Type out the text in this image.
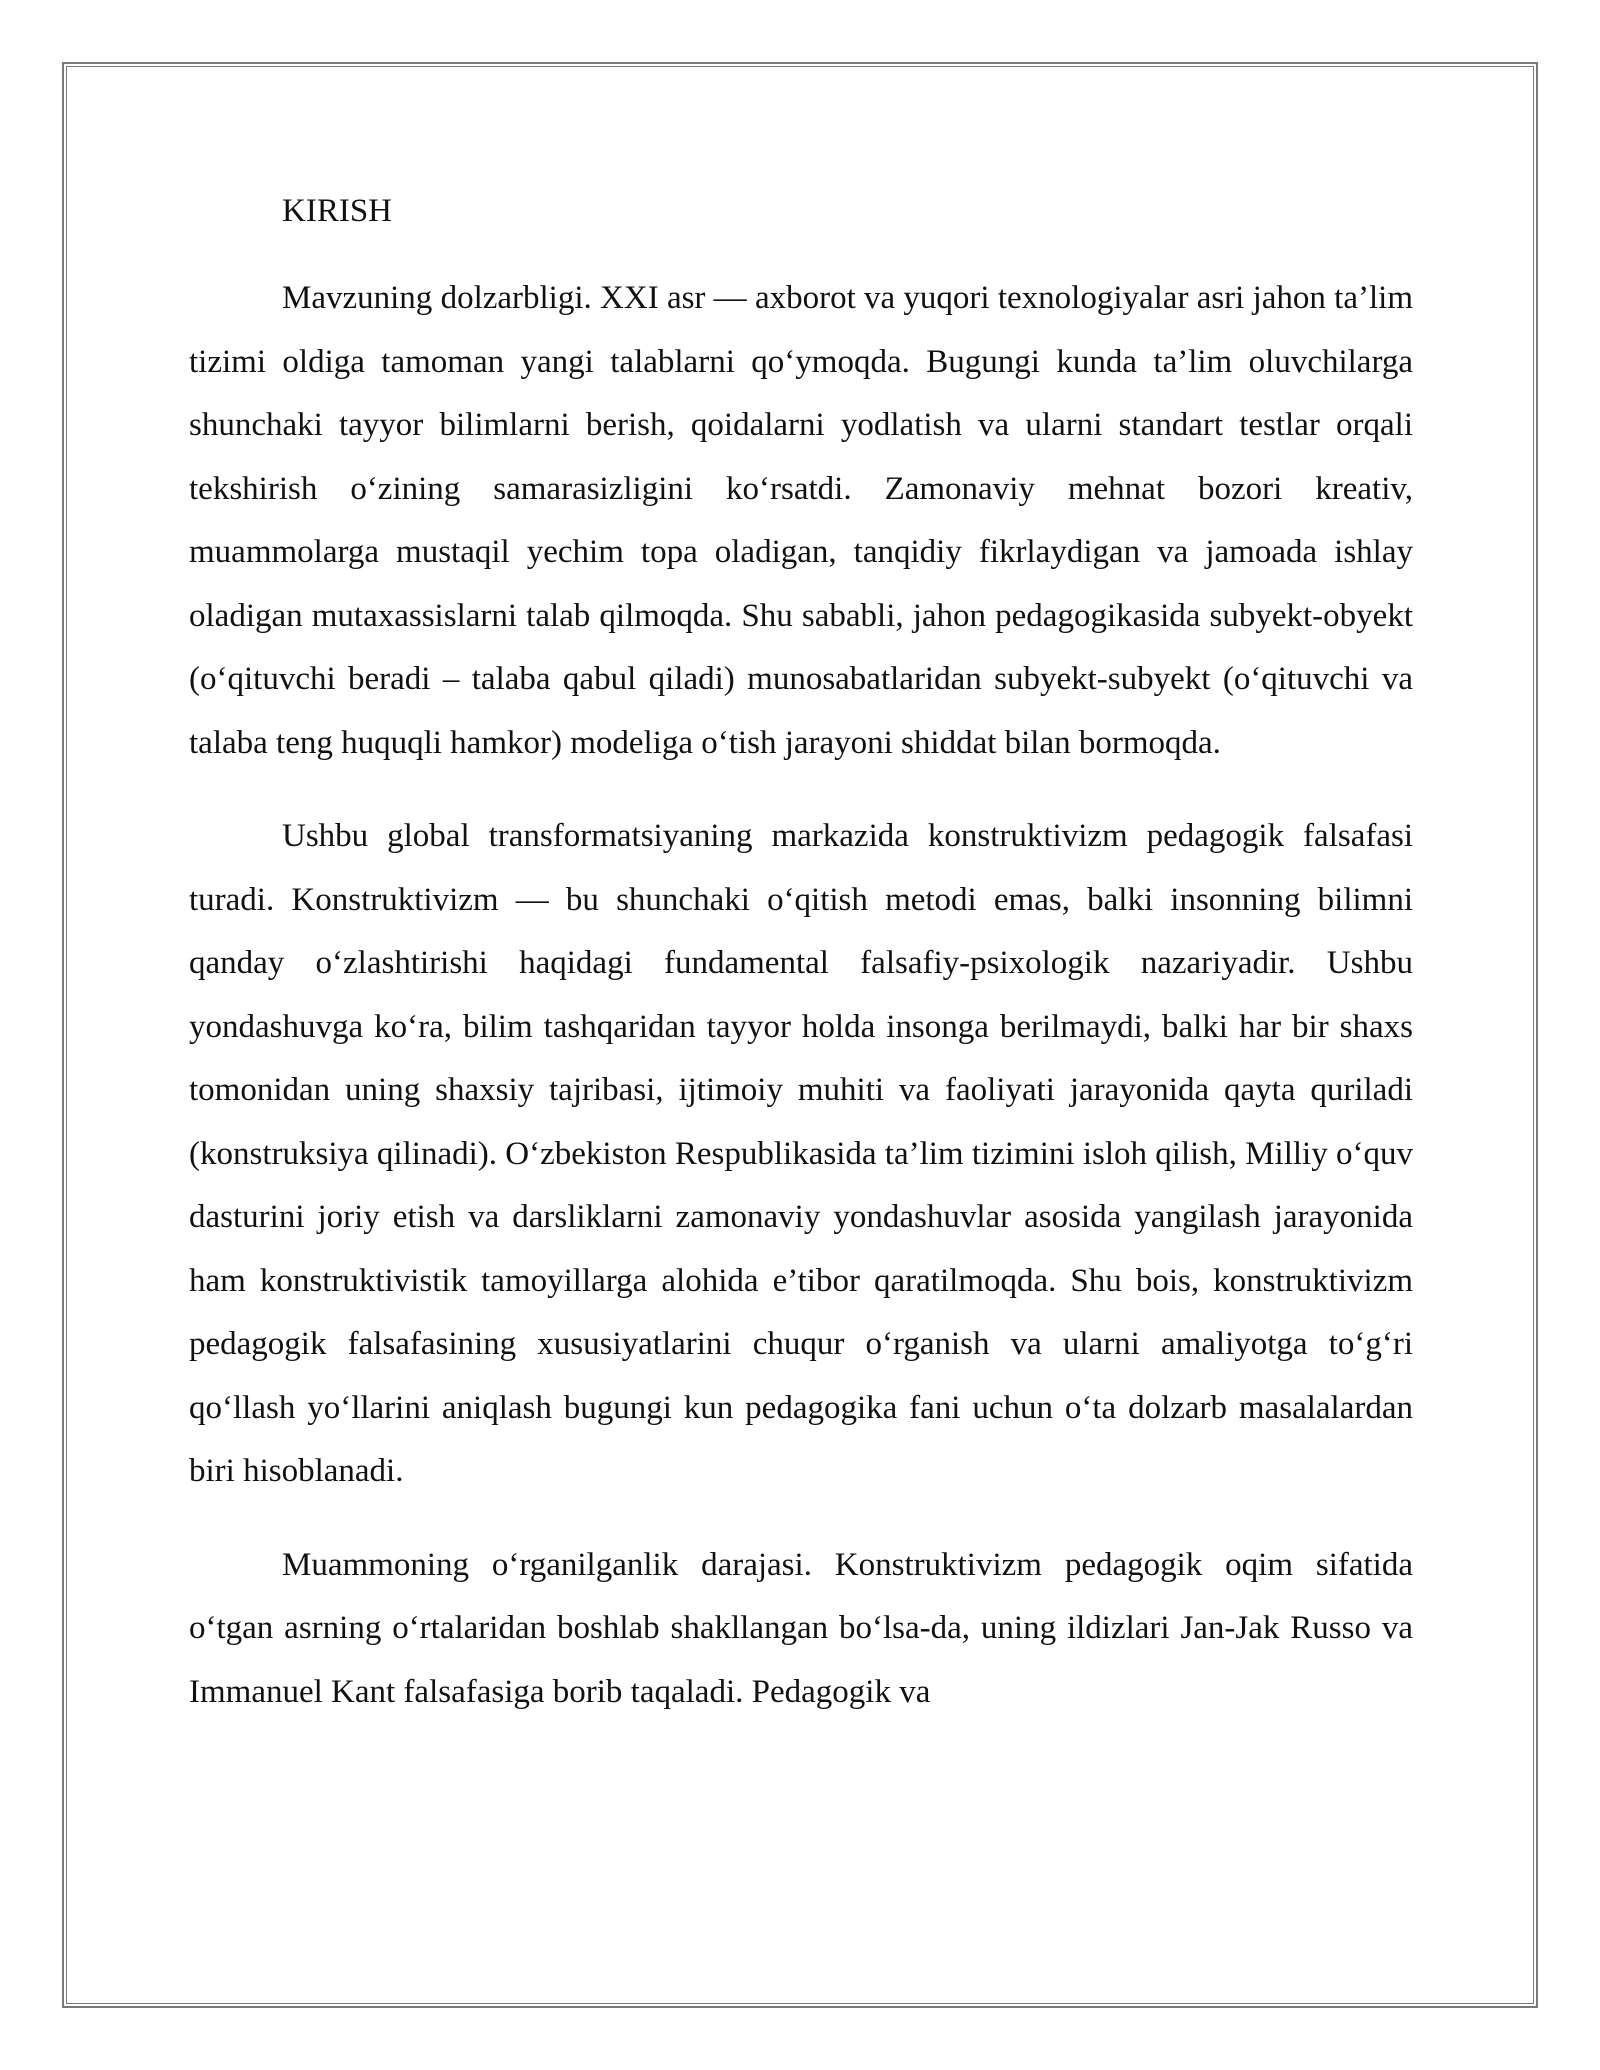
KIRISH

Mavzuning dolzarbligi. XXI asr — axborot va yuqori texnologiyalar asri jahon ta’lim tizimi oldiga tamoman yangi talablarni qo‘ymoqda. Bugungi kunda ta’lim oluvchilarga shunchaki tayyor bilimlarni berish, qoidalarni yodlatish va ularni standart testlar orqali tekshirish o‘zining samarasizligini ko‘rsatdi. Zamonaviy mehnat bozori kreativ, muammolarga mustaqil yechim topa oladigan, tanqidiy fikrlaydigan va jamoada ishlay oladigan mutaxassislarni talab qilmoqda. Shu sababli, jahon pedagogikasida subyekt-obyekt (o‘qituvchi beradi – talaba qabul qiladi) munosabatlaridan subyekt-subyekt (o‘qituvchi va talaba teng huquqli hamkor) modeliga o‘tish jarayoni shiddat bilan bormoqda.

Ushbu global transformatsiyaning markazida konstruktivizm pedagogik falsafasi turadi. Konstruktivizm — bu shunchaki o‘qitish metodi emas, balki insonning bilimni qanday o‘zlashtirishi haqidagi fundamental falsafiy-psixologik nazariyadir. Ushbu yondashuvga ko‘ra, bilim tashqaridan tayyor holda insonga berilmaydi, balki har bir shaxs tomonidan uning shaxsiy tajribasi, ijtimoiy muhiti va faoliyati jarayonida qayta quriladi (konstruksiya qilinadi). O‘zbekiston Respublikasida ta’lim tizimini isloh qilish, Milliy o‘quv dasturini joriy etish va darsliklarni zamonaviy yondashuvlar asosida yangilash jarayonida ham konstruktivistik tamoyillarga alohida e’tibor qaratilmoqda. Shu bois, konstruktivizm pedagogik falsafasining xususiyatlarini chuqur o‘rganish va ularni amaliyotga to‘g‘ri qo‘llash yo‘llarini aniqlash bugungi kun pedagogika fani uchun o‘ta dolzarb masalalardan biri hisoblanadi.

Muammoning o‘rganilganlik darajasi. Konstruktivizm pedagogik oqim sifatida o‘tgan asrning o‘rtalaridan boshlab shakllangan bo‘lsa-da, uning ildizlari Jan-Jak Russo va Immanuel Kant falsafasiga borib taqaladi. Pedagogik va
